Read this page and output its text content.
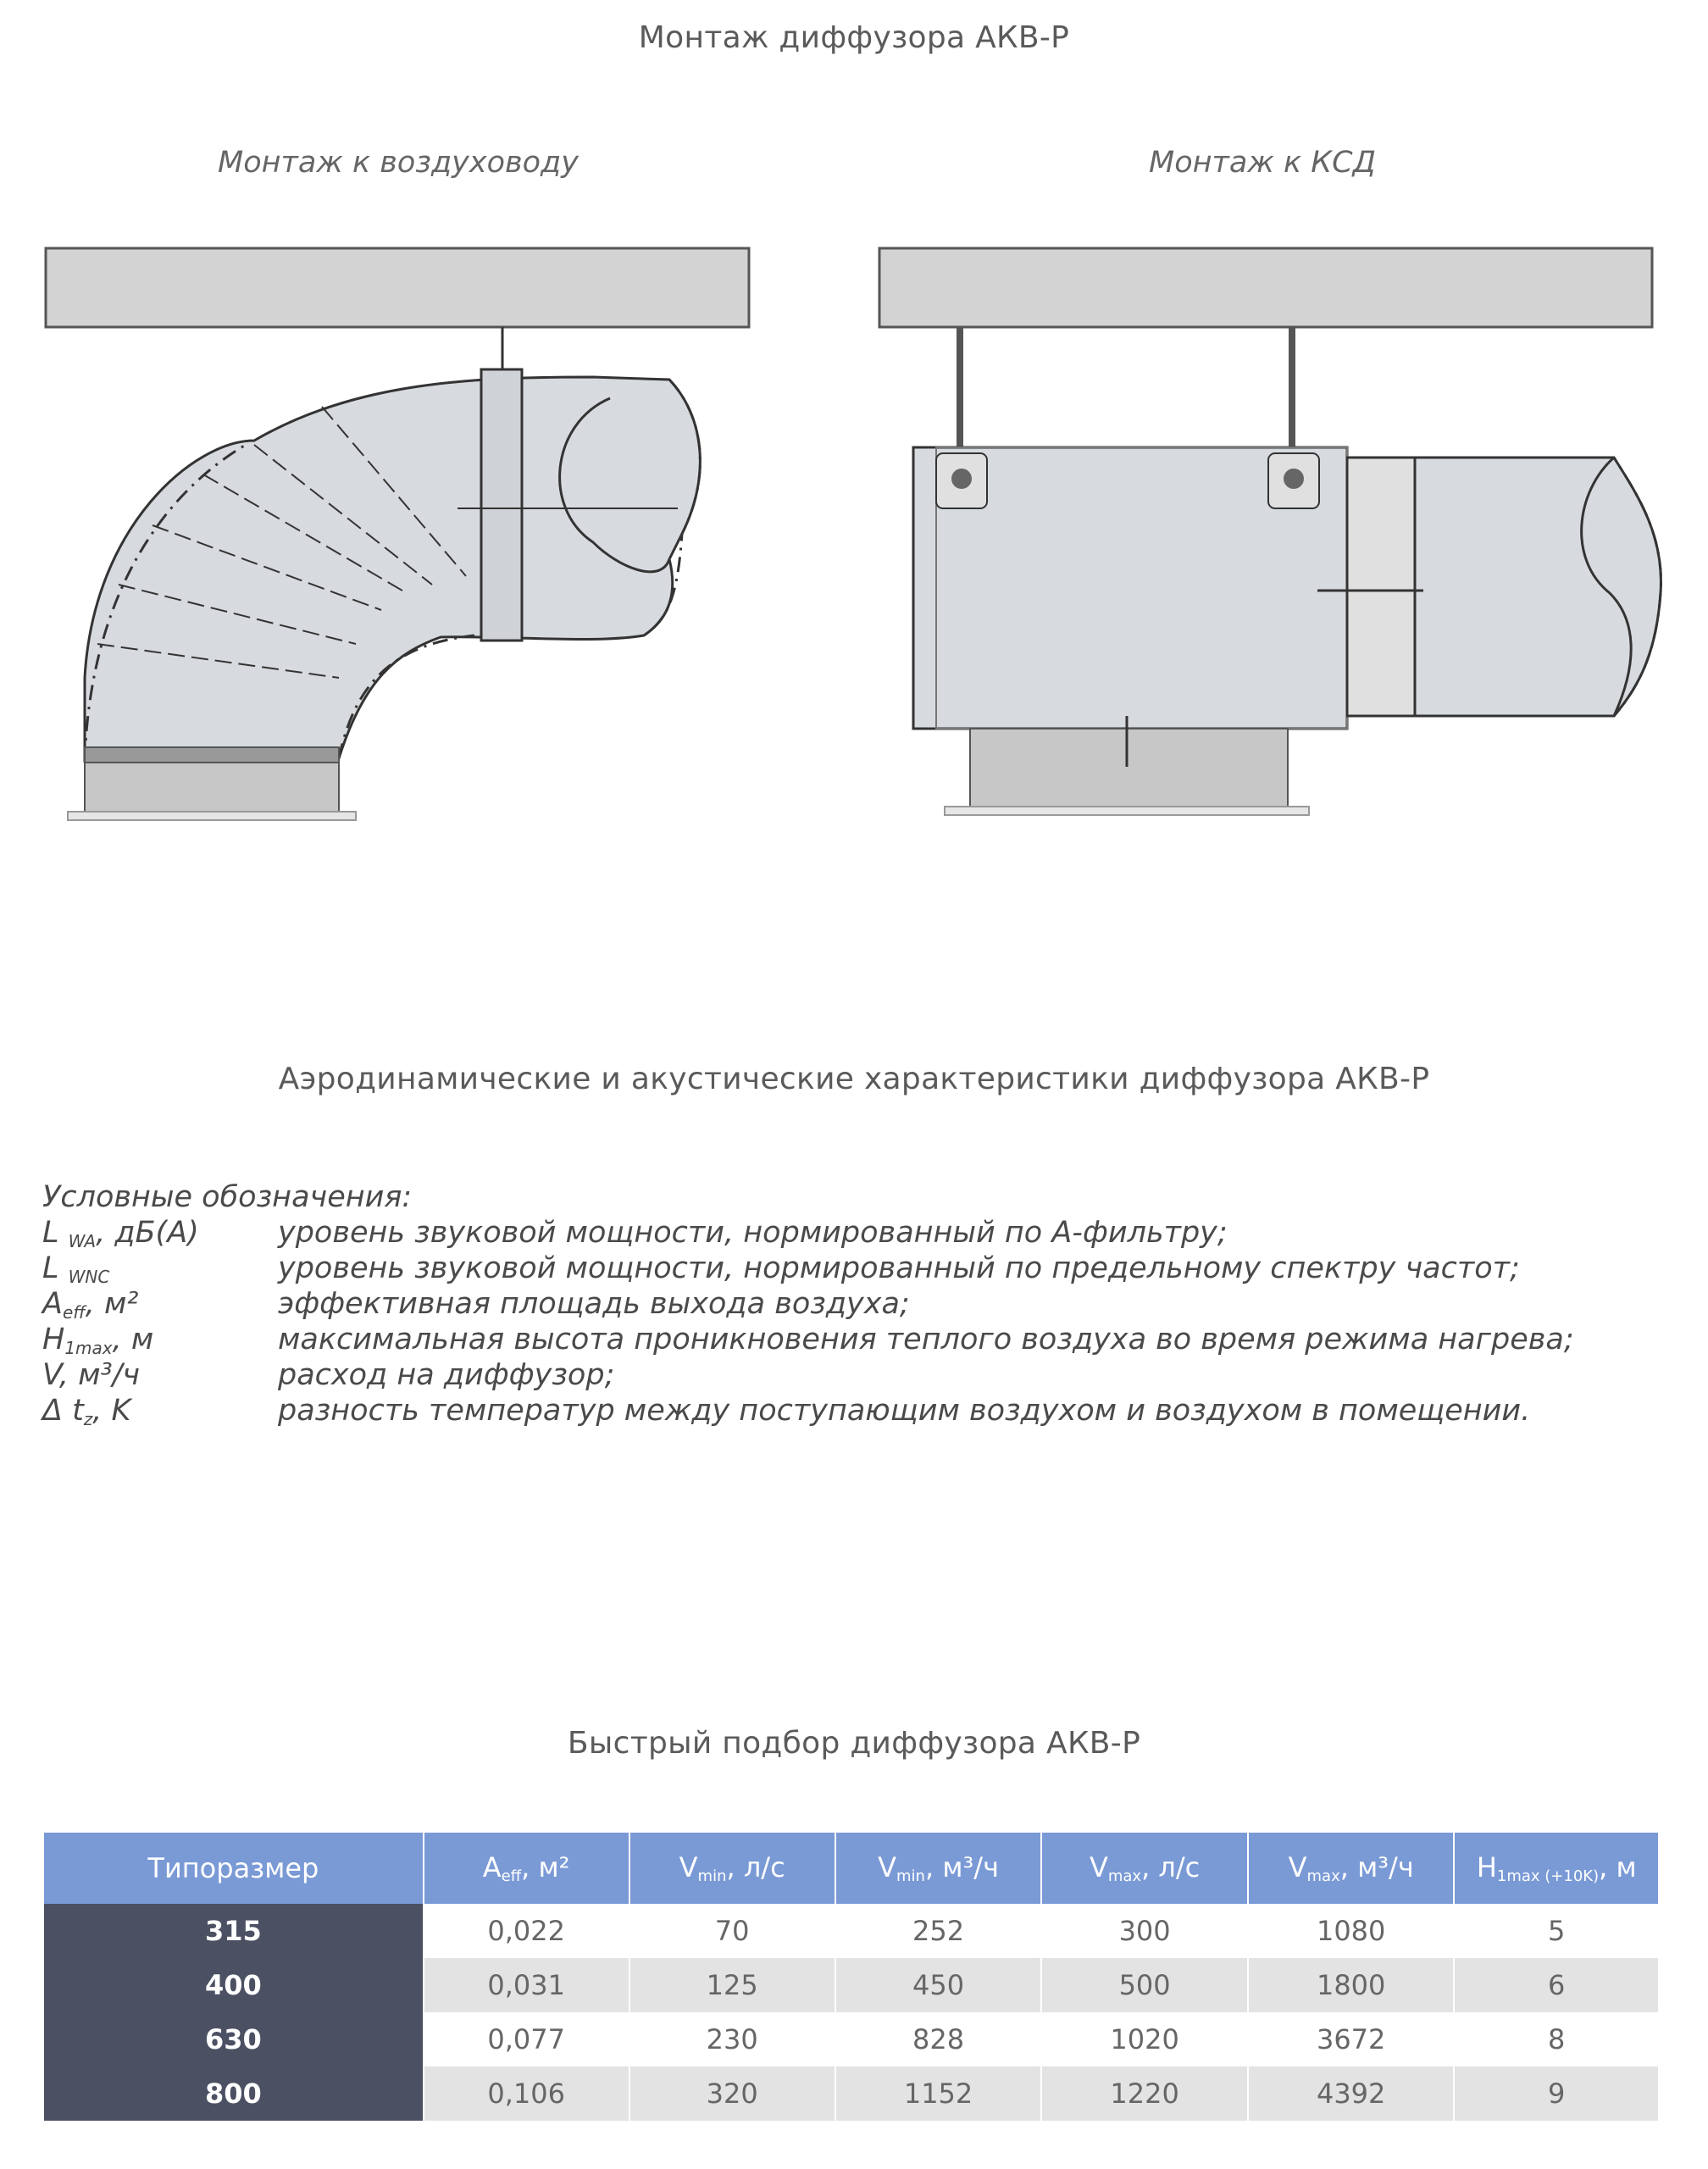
Монтаж диффузора АКВ-Р
Монтаж к воздуховоду	Монтаж к КСД
Аэродинамические и акустические характеристики диффузора АКВ-Р
Условные обозначения:
L $_{WA}$, дБ(A)	уровень звуковой мощности, нормированный по А-фильтру;
L $_{WNC}$	уровень звуковой мощности, нормированный по предельному спектру частот;
$A_{eff}$, м²	эффективная площадь выхода воздуха;
$H_{1max}$, м	максимальная высота проникновения теплого воздуха во время режима нагрева;
V, м³/ч	расход на диффузор;
Δ $t_z$, K	разность температур между поступающим воздухом и воздухом в помещении.
Быстрый подбор диффузора АКВ-Р
Типоразмер	$A_{eff}$, м²	$V_{min}$, л/с	$V_{min}$, м³/ч	$V_{max}$, л/с	$V_{max}$, м³/ч	$H_{1max (+10K)}$, м
315	0,022	70	252	300	1080	5
400	0,031	125	450	500	1800	6
630	0,077	230	828	1020	3672	8
800	0,106	320	1152	1220	4392	9
